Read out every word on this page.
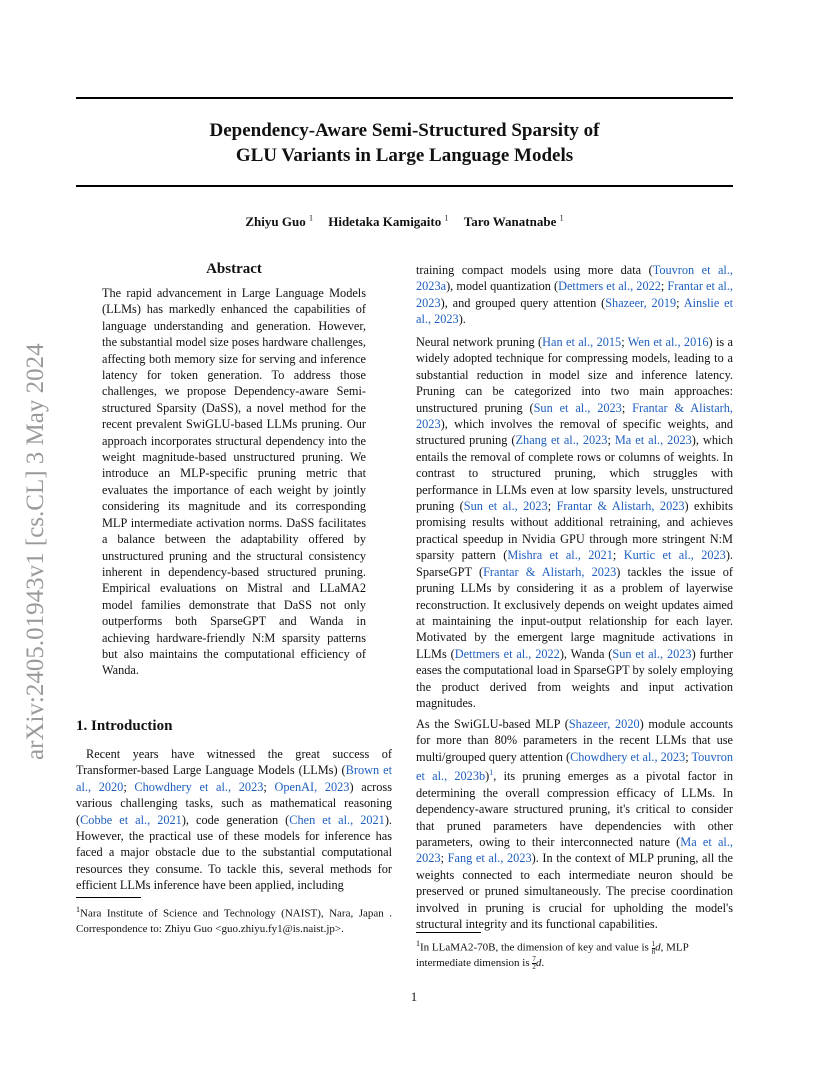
Dependency-Aware Semi-Structured Sparsity of
GLU Variants in Large Language Models
Zhiyu Guo $^1$ Hidetaka Kamigaito $^1$ Taro Wanatnabe $^1$
arXiv:2405.01943v1 [cs.CL] 3 May 2024
Abstract
The rapid advancement in Large Language Models (LLMs) has markedly enhanced the capabilities of language understanding and generation. However, the substantial model size poses hardware challenges, affecting both memory size for serving and inference latency for token generation. To address those challenges, we propose Dependency-aware Semi-structured Sparsity (DaSS), a novel method for the recent prevalent SwiGLU-based LLMs pruning. Our approach incorporates structural dependency into the weight magnitude-based unstructured pruning. We introduce an MLP-specific pruning metric that evaluates the importance of each weight by jointly considering its magnitude and its corresponding MLP intermediate activation norms. DaSS facilitates a balance between the adaptability offered by unstructured pruning and the structural consistency inherent in dependency-based structured pruning. Empirical evaluations on Mistral and LLaMA2 model families demonstrate that DaSS not only outperforms both SparseGPT and Wanda in achieving hardware-friendly N:M sparsity patterns but also maintains the computational efficiency of Wanda.
1. Introduction
Recent years have witnessed the great success of Transformer-based Large Language Models (LLMs) (Brown et al., 2020; Chowdhery et al., 2023; OpenAI, 2023) across various challenging tasks, such as mathematical reasoning (Cobbe et al., 2021), code generation (Chen et al., 2021). However, the practical use of these models for inference has faced a major obstacle due to the substantial computational resources they consume. To tackle this, several methods for efficient LLMs inference have been applied, including
$^1$Nara Institute of Science and Technology (NAIST), Nara, Japan . Correspondence to: Zhiyu Guo <guo.zhiyu.fy1@is.naist.jp>.
training compact models using more data (Touvron et al., 2023a), model quantization (Dettmers et al., 2022; Frantar et al., 2023), and grouped query attention (Shazeer, 2019; Ainslie et al., 2023).
Neural network pruning (Han et al., 2015; Wen et al., 2016) is a widely adopted technique for compressing models, leading to a substantial reduction in model size and inference latency. Pruning can be categorized into two main approaches: unstructured pruning (Sun et al., 2023; Frantar & Alistarh, 2023), which involves the removal of specific weights, and structured pruning (Zhang et al., 2023; Ma et al., 2023), which entails the removal of complete rows or columns of weights. In contrast to structured pruning, which struggles with performance in LLMs even at low sparsity levels, unstructured pruning (Sun et al., 2023; Frantar & Alistarh, 2023) exhibits promising results without additional retraining, and achieves practical speedup in Nvidia GPU through more stringent N:M sparsity pattern (Mishra et al., 2021; Kurtic et al., 2023). SparseGPT (Frantar & Alistarh, 2023) tackles the issue of pruning LLMs by considering it as a problem of layerwise reconstruction. It exclusively depends on weight updates aimed at maintaining the input-output relationship for each layer. Motivated by the emergent large magnitude activations in LLMs (Dettmers et al., 2022), Wanda (Sun et al., 2023) further eases the computational load in SparseGPT by solely employing the product derived from weights and input activation magnitudes.
As the SwiGLU-based MLP (Shazeer, 2020) module accounts for more than 80% parameters in the recent LLMs that use multi/grouped query attention (Chowdhery et al., 2023; Touvron et al., 2023b)$^1$, its pruning emerges as a pivotal factor in determining the overall compression efficacy of LLMs. In dependency-aware structured pruning, it's critical to consider that pruned parameters have dependencies with other parameters, owing to their interconnected nature (Ma et al., 2023; Fang et al., 2023). In the context of MLP pruning, all the weights connected to each intermediate neuron should be preserved or pruned simultaneously. The precise coordination involved in pruning is crucial for upholding the model's structural integrity and its functional capabilities.
$^1$In LLaMA2-70B, the dimension of key and value is $\frac{1}{8} d$, MLP intermediate dimension is $\frac{7}{2} d$.
1
